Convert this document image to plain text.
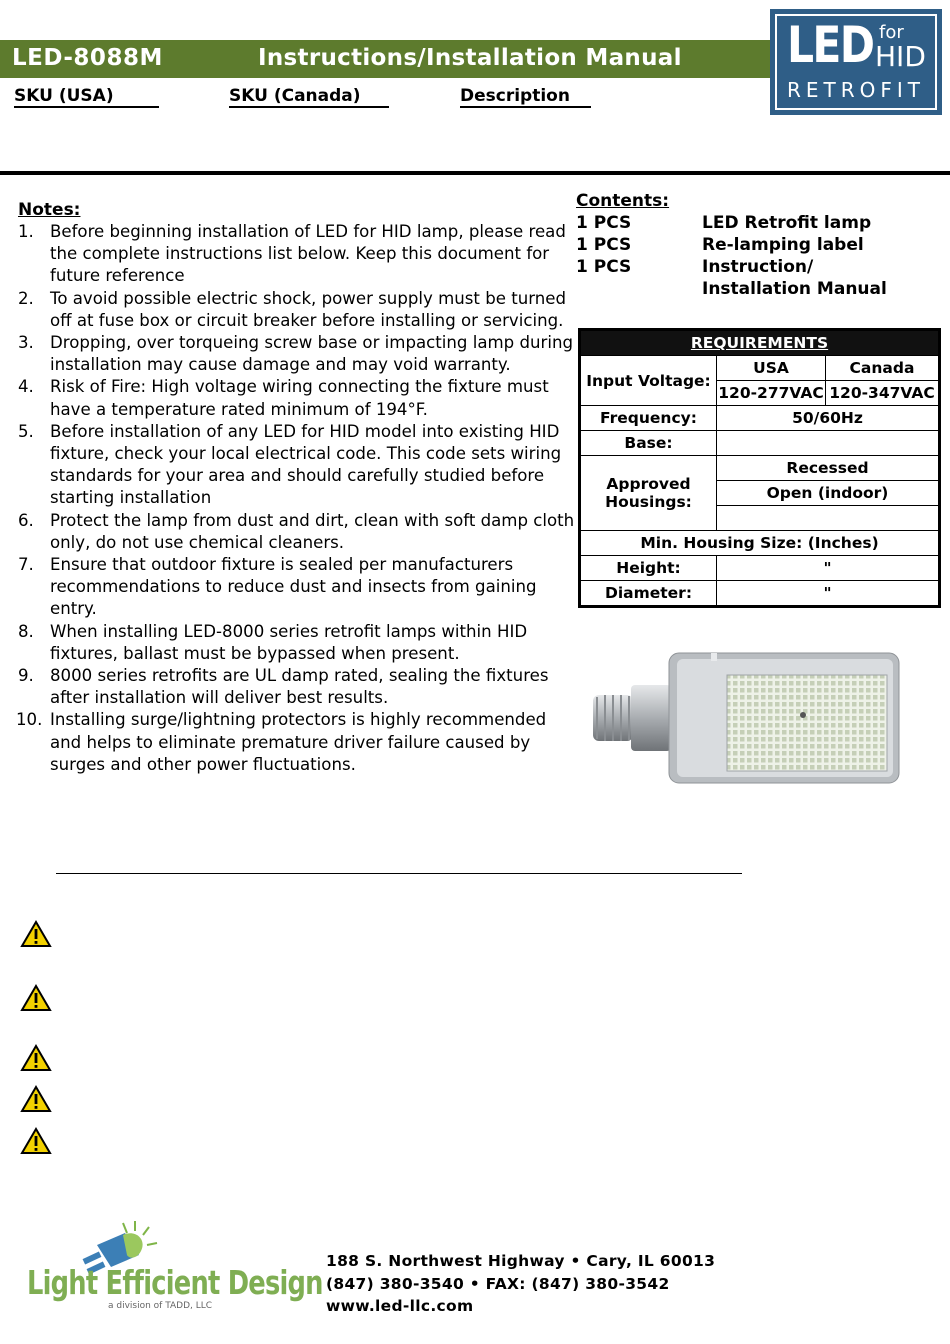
LED-8088M	Instructions/Installation Manual LED for
HID
RETROFIT
SKU (USA)	SKU (Canada)	Description
Notes:
1. Before beginning installation of LED for HID lamp, please read the complete instructions list below. Keep this document for future reference
2. To avoid possible electric shock, power supply must be turned off at fuse box or circuit breaker before installing or servicing.
3. Dropping, over torqueing screw base or impacting lamp during installation may cause damage and may void warranty.
4. Risk of Fire: High voltage wiring connecting the fixture must have a temperature rated minimum of 194°F.
5. Before installation of any LED for HID model into existing HID fixture, check your local electrical code. This code sets wiring standards for your area and should carefully studied before starting installation
6. Protect the lamp from dust and dirt, clean with soft damp cloth only, do not use chemical cleaners.
7. Ensure that outdoor fixture is sealed per manufacturers recommendations to reduce dust and insects from gaining entry.
8. When installing LED-8000 series retrofit lamps within HID fixtures, ballast must be bypassed when present.
9. 8000 series retrofits are UL damp rated, sealing the fixtures after installation will deliver best results.
10. Installing surge/lightning protectors is highly recommended and helps to eliminate premature driver failure caused by surges and other power fluctuations.
Contents:
1 PCS	LED Retrofit lamp
1 PCS	Re-lamping label
1 PCS	Instruction/ Installation Manual
REQUIREMENTS		
Input Voltage:	USA	Canada
	120-277VAC	120-347VAC
Frequency:	50/60Hz	
Base:		
Approved Housings:	Recessed	
	Open (indoor)	

Min. Housing Size: (Inches)		
Height:	"	
Diameter:	"	
Light Efficient Design
a division of TADD, LLC
188 S. Northwest Highway • Cary, IL 60013
(847) 380-3540 • FAX: (847) 380-3542
www.led-llc.com
